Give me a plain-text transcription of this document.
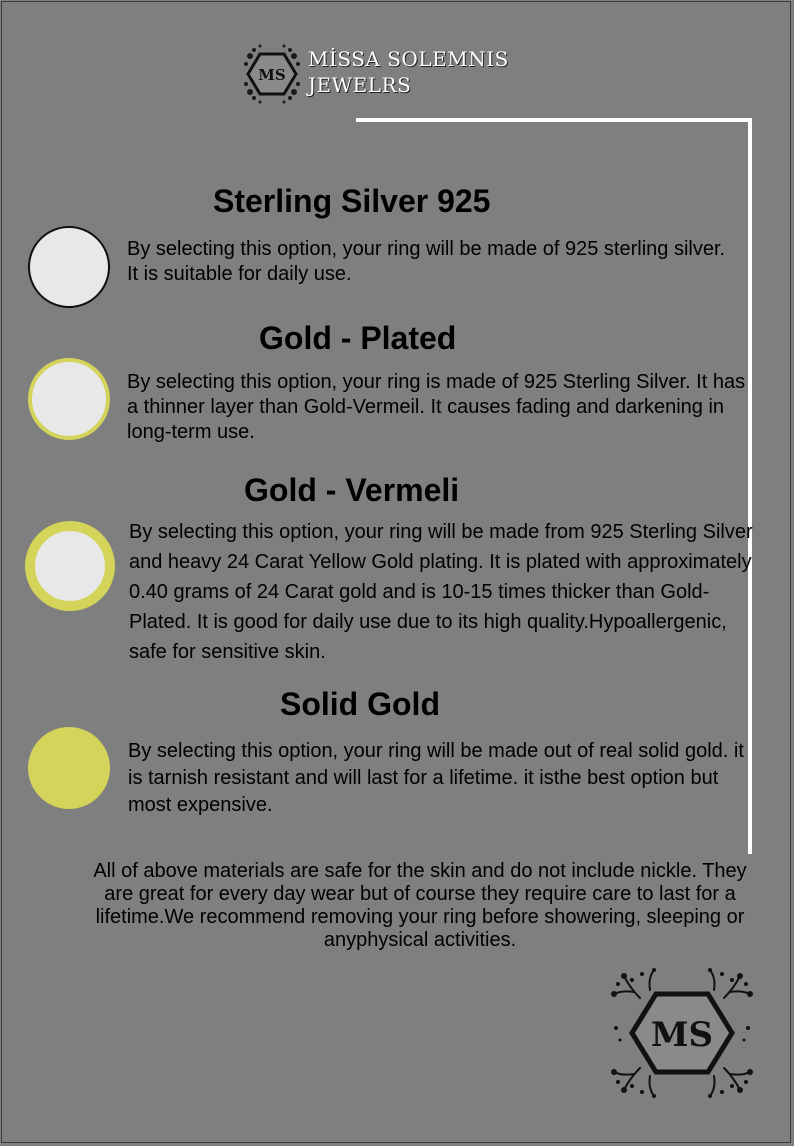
MS
MİSSA SOLEMNIS
JEWELRS
Sterling Silver 925
By selecting this option, your ring will be made of 925 sterling silver. It is suitable for daily use.
Gold - Plated
By selecting this option, your ring is made of 925 Sterling Silver. It has a thinner layer than Gold-Vermeil. It causes fading and darkening in long-term use.
Gold - Vermeli
By selecting this option, your ring will be made from 925 Sterling Silver and heavy 24 Carat Yellow Gold plating. It is plated with approximately 0.40 grams of 24 Carat gold and is 10-15 times thicker than Gold-Plated. It is good for daily use due to its high quality.Hypoallergenic, safe for sensitive skin.
Solid Gold
By selecting this option, your ring will be made out of real solid gold. it is tarnish resistant and will last for a lifetime. it isthe best option but most expensive.
All of above materials are safe for the skin and do not include nickle. They are great for every day wear but of course they require care to last for a lifetime.We recommend removing your ring before showering, sleeping or anyphysical activities.
MS
